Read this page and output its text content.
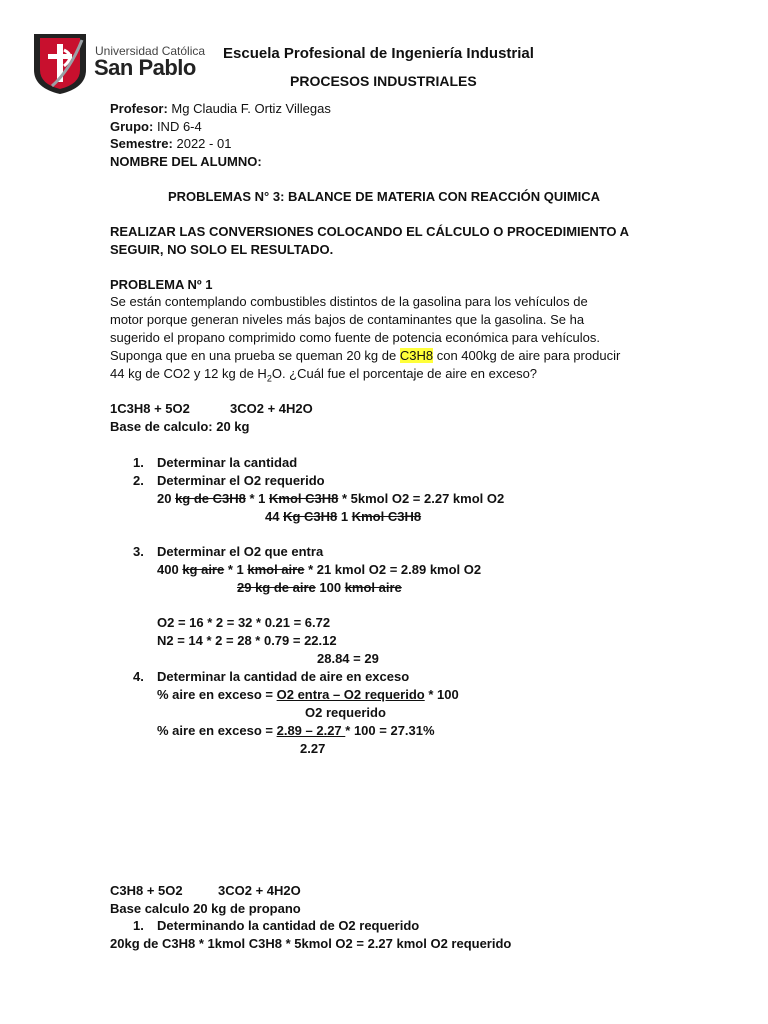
Universidad Católica
San Pablo
Escuela Profesional de Ingeniería Industrial
PROCESOS INDUSTRIALES
Profesor: Mg Claudia F. Ortiz Villegas
Grupo: IND 6-4
Semestre: 2022 - 01
NOMBRE DEL ALUMNO:
PROBLEMAS N° 3: BALANCE DE MATERIA CON REACCIÓN QUIMICA
REALIZAR LAS CONVERSIONES COLOCANDO EL CÁLCULO O PROCEDIMIENTO A
SEGUIR, NO SOLO EL RESULTADO.
PROBLEMA Nº 1
Se están contemplando combustibles distintos de la gasolina para los vehículos de
motor porque generan niveles más bajos de contaminantes que la gasolina. Se ha
sugerido el propano comprimido como fuente de potencia económica para vehículos.
Suponga que en una prueba se queman 20 kg de C3H8 con 400kg de aire para producir
44 kg de CO2 y 12 kg de $H_2O$. ¿Cuál fue el porcentaje de aire en exceso?
1C3H8 + 5O2	3CO2 + 4H2O
Base de calculo: 20 kg
1. Determinar la cantidad
2. Determinar el O2 requerido
20 kg de C3H8 * 1 Kmol C3H8 * 5kmol O2 = 2.27 kmol O2
44 Kg C3H8 1 Kmol C3H8
3. Determinar el O2 que entra
400 kg aire * 1 kmol aire * 21 kmol O2 = 2.89 kmol O2
29 kg de aire 100 kmol aire
O2 = 16 * 2 = 32 * 0.21 = 6.72
N2 = 14 * 2 = 28 * 0.79 = 22.12
28.84 = 29
4. Determinar la cantidad de aire en exceso
% aire en exceso = O2 entra – O2 requerido * 100
O2 requerido
% aire en exceso = 2.89 – 2.27 * 100 = 27.31%
2.27
C3H8 + 5O2	3CO2 + 4H2O
Base calculo 20 kg de propano
1. Determinando la cantidad de O2 requerido
20kg de C3H8 * 1kmol C3H8 * 5kmol O2 = 2.27 kmol O2 requerido
